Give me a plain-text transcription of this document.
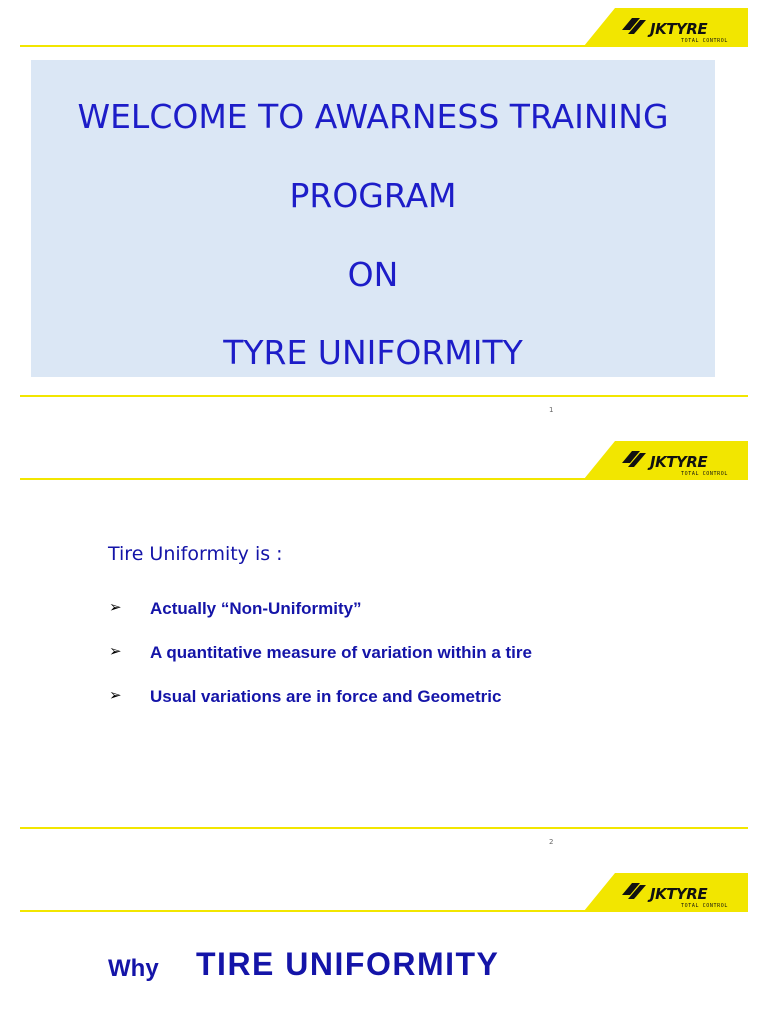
JKTYRE
TOTAL CONTROL
WELCOME TO AWARNESS TRAINING
PROGRAM
ON
TYRE UNIFORMITY
1
JKTYRE
TOTAL CONTROL
Tire Uniformity is :
➢ Actually “Non-Uniformity”
➢ A quantitative measure of variation within a tire
➢ Usual variations are in force and Geometric
2
JKTYRE
TOTAL CONTROL
Why TIRE UNIFORMITY
